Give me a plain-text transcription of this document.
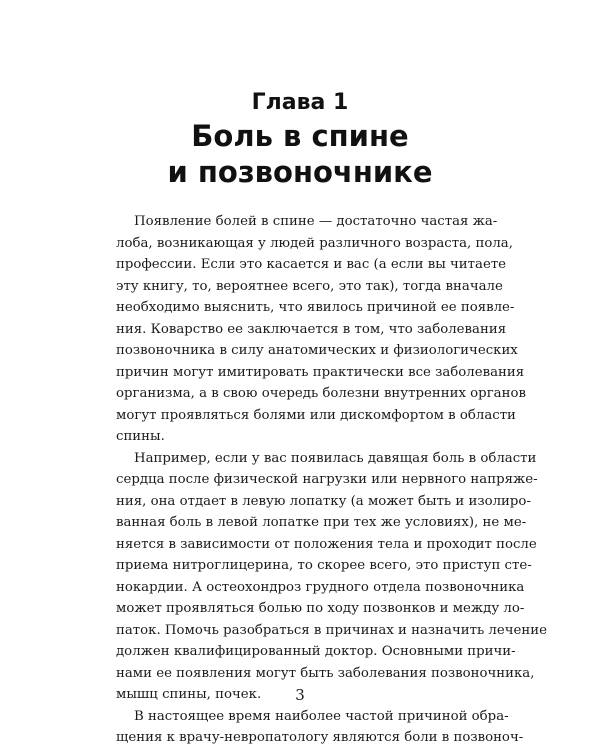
Глава 1
Боль в спине
и позвоночнике
Появление болей в спине — достаточно частая жа-
лоба, возникающая у людей различного возраста, пола,
профессии. Если это касается и вас (а если вы читаете
эту книгу, то, вероятнее всего, это так), тогда вначале
необходимо выяснить, что явилось причиной ее появле-
ния. Коварство ее заключается в том, что заболевания
позвоночника в силу анатомических и физиологических
причин могут имитировать практически все заболевания
организма, а в свою очередь болезни внутренних органов
могут проявляться болями или дискомфортом в области
спины.
Например, если у вас появилась давящая боль в области
сердца после физической нагрузки или нервного напряже-
ния, она отдает в левую лопатку (а может быть и изолиро-
ванная боль в левой лопатке при тех же условиях), не ме-
няется в зависимости от положения тела и проходит после
приема нитроглицерина, то скорее всего, это приступ сте-
нокардии. А остеохондроз грудного отдела позвоночника
может проявляться болью по ходу позвонков и между ло-
паток. Помочь разобраться в причинах и назначить лечение
должен квалифицированный доктор. Основными причи-
нами ее появления могут быть заболевания позвоночника,
мышц спины, почек.
В настоящее время наиболее частой причиной обра-
щения к врачу-невропатологу являются боли в позвоноч-
3
